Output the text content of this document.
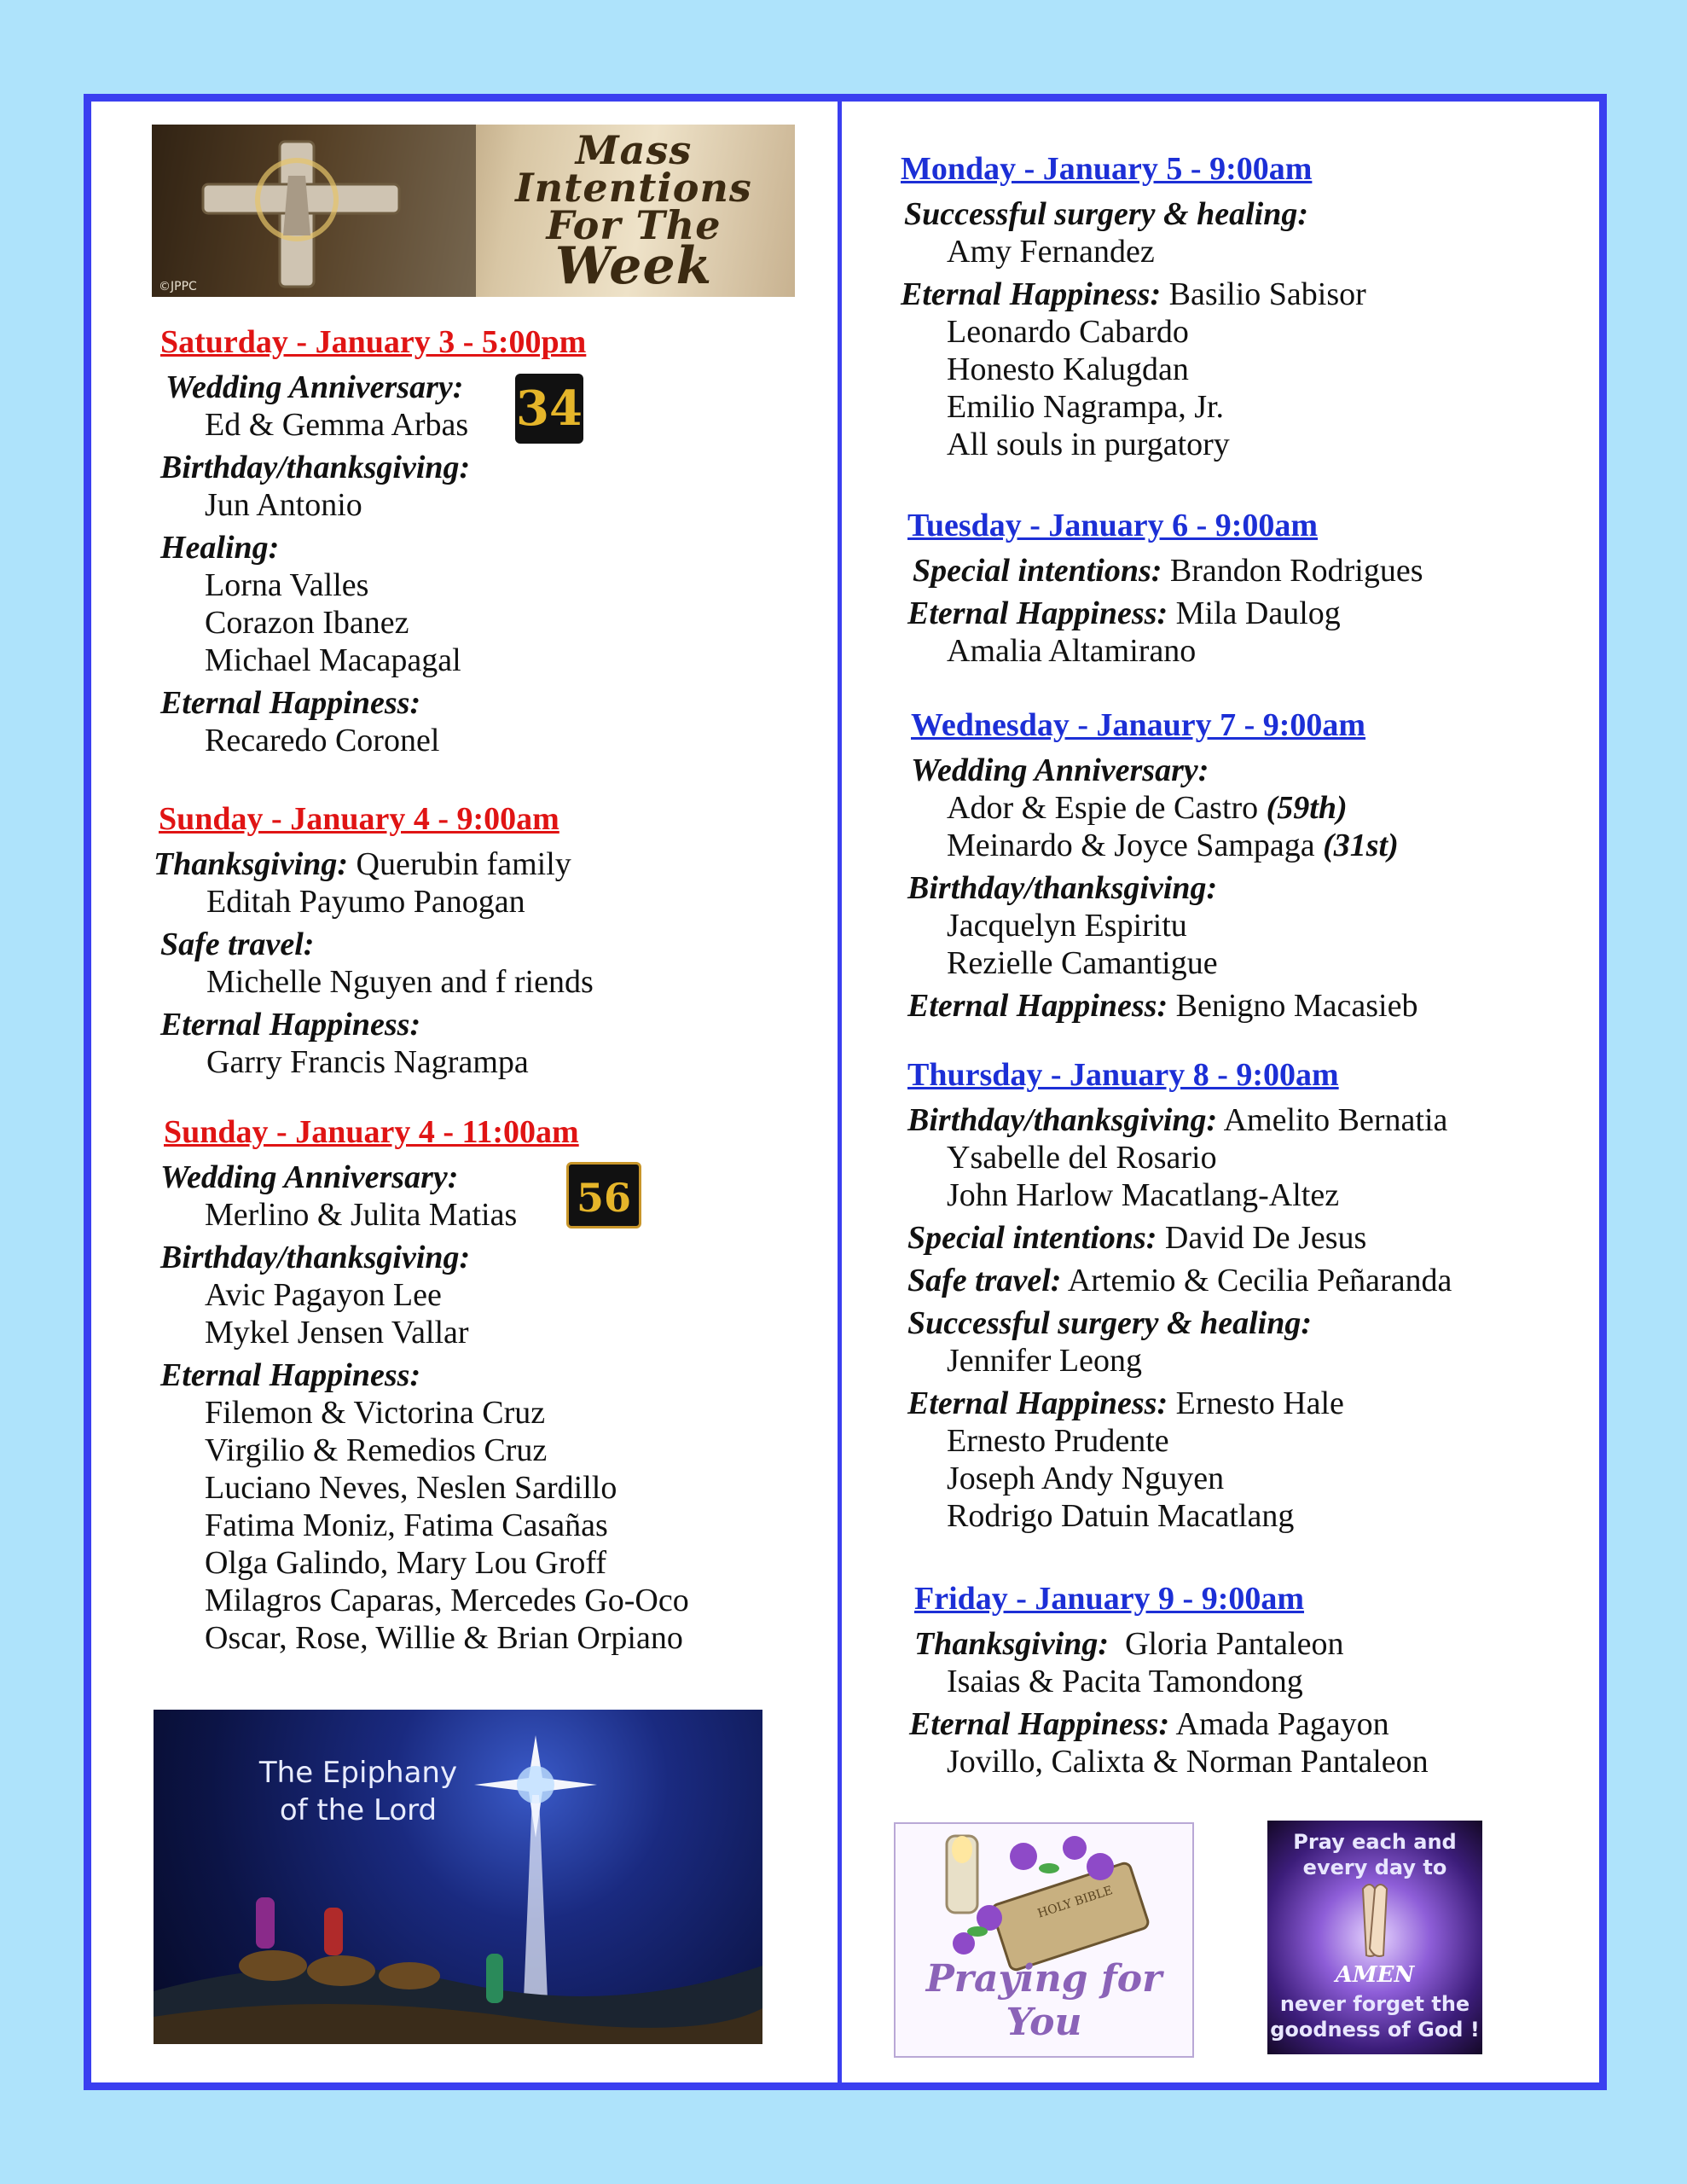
Mass
Intentions
For The
Week
©JPPC
Saturday - January 3 - 5:00pm
Wedding Anniversary:
Ed & Gemma Arbas
Birthday/thanksgiving:
Jun Antonio
Healing:
Lorna Valles
Corazon Ibanez
Michael Macapagal
Eternal Happiness:
Recaredo Coronel
34
Sunday - January 4 - 9:00am
Thanksgiving: Querubin family
Editah Payumo Panogan
Safe travel:
Michelle Nguyen and f riends
Eternal Happiness:
Garry Francis Nagrampa
Sunday - January 4 - 11:00am
Wedding Anniversary:
Merlino & Julita Matias
Birthday/thanksgiving:
Avic Pagayon Lee
Mykel Jensen Vallar
Eternal Happiness:
Filemon & Victorina Cruz
Virgilio & Remedios Cruz
Luciano Neves, Neslen Sardillo
Fatima Moniz, Fatima Casañas
Olga Galindo, Mary Lou Groff
Milagros Caparas, Mercedes Go-Oco
Oscar, Rose, Willie & Brian Orpiano
56
The Epiphany
of the Lord
Monday - January 5 - 9:00am
Successful surgery & healing:
Amy Fernandez
Eternal Happiness: Basilio Sabisor
Leonardo Cabardo
Honesto Kalugdan
Emilio Nagrampa, Jr.
All souls in purgatory
Tuesday - January 6 - 9:00am
Special intentions: Brandon Rodrigues
Eternal Happiness: Mila Daulog
Amalia Altamirano
Wednesday - Janaury 7 - 9:00am
Wedding Anniversary:
Ador & Espie de Castro (59th)
Meinardo & Joyce Sampaga (31st)
Birthday/thanksgiving:
Jacquelyn Espiritu
Rezielle Camantigue
Eternal Happiness: Benigno Macasieb
Thursday - January 8 - 9:00am
Birthday/thanksgiving: Amelito Bernatia
Ysabelle del Rosario
John Harlow Macatlang-Altez
Special intentions: David De Jesus
Safe travel: Artemio & Cecilia Peñaranda
Successful surgery & healing:
Jennifer Leong
Eternal Happiness: Ernesto Hale
Ernesto Prudente
Joseph Andy Nguyen
Rodrigo Datuin Macatlang
Friday - January 9 - 9:00am
Thanksgiving: Gloria Pantaleon
Isaias & Pacita Tamondong
Eternal Happiness: Amada Pagayon
Jovillo, Calixta & Norman Pantaleon
HOLY BIBLE
Praying for You
Pray each and
every day to
AMEN
never forget the
goodness of God !
